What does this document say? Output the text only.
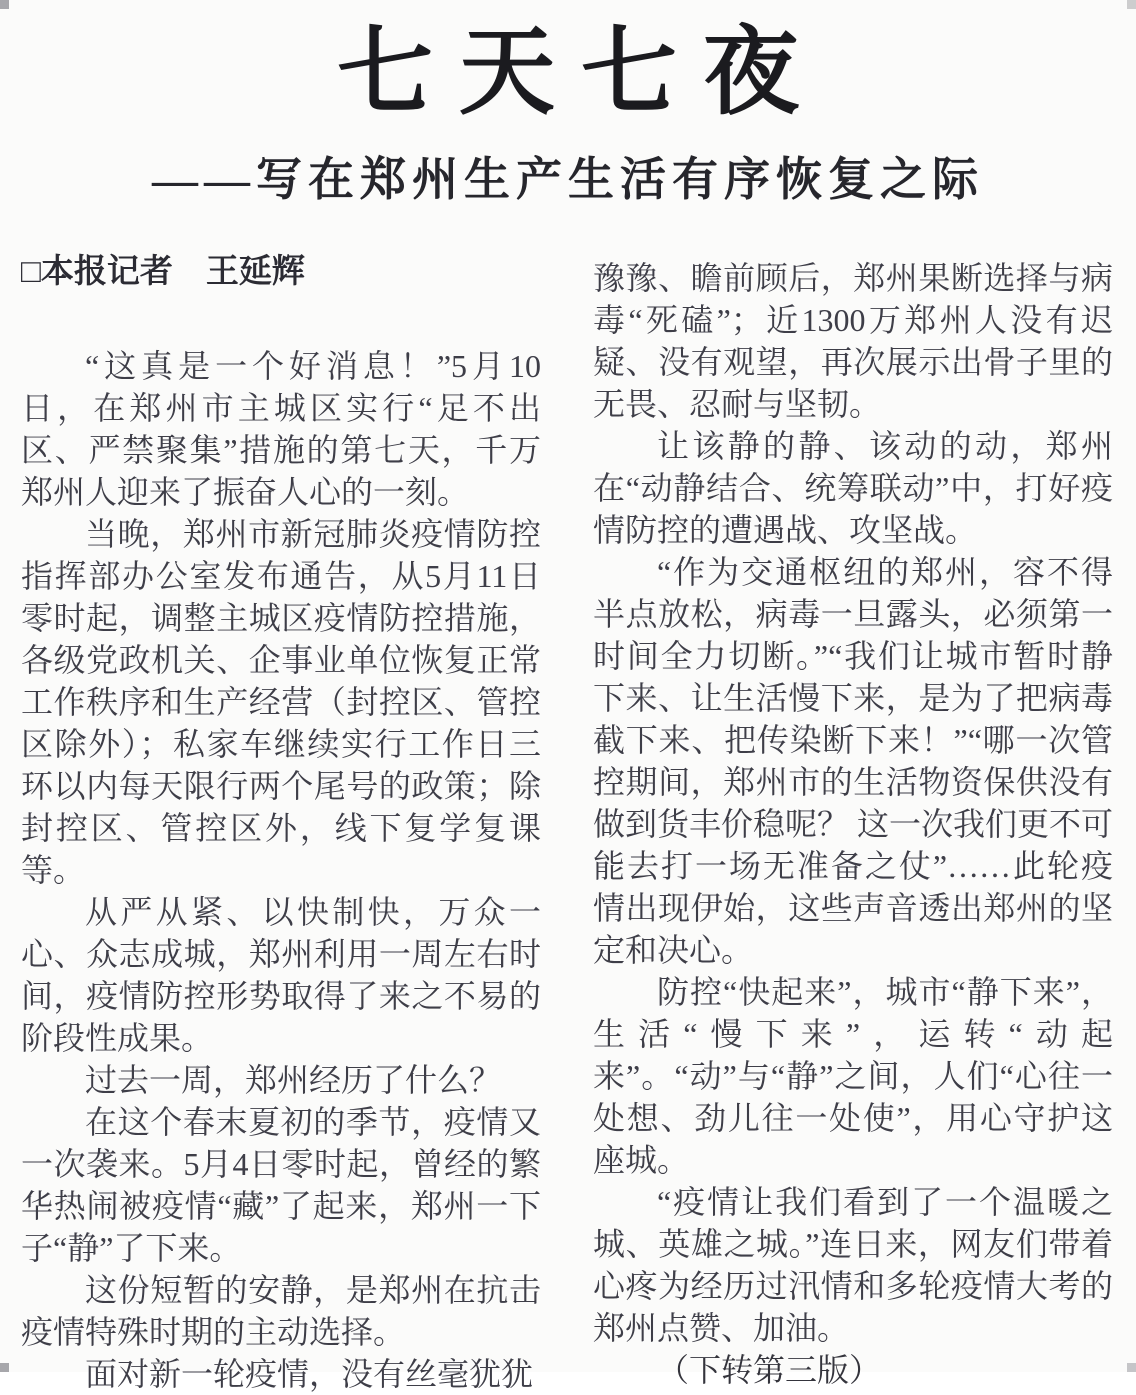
七天七夜
——写在郑州生产生活有序恢复之际
□本报记者　王延辉

“这真是一个好消息！”5月10日，在郑州市主城区实行“足不出区、严禁聚集”措施的第七天，千万郑州人迎来了振奋人心的一刻。

当晚，郑州市新冠肺炎疫情防控指挥部办公室发布通告，从5月11日零时起，调整主城区疫情防控措施，各级党政机关、企事业单位恢复正常工作秩序和生产经营（封控区、管控区除外）；私家车继续实行工作日三环以内每天限行两个尾号的政策；除封控区、管控区外，线下复学复课等。

从严从紧、以快制快，万众一心、众志成城，郑州利用一周左右时间，疫情防控形势取得了来之不易的阶段性成果。

过去一周，郑州经历了什么？

在这个春末夏初的季节，疫情又一次袭来。5月4日零时起，曾经的繁华热闹被疫情“藏”了起来，郑州一下子“静”了下来。

这份短暂的安静，是郑州在抗击疫情特殊时期的主动选择。

面对新一轮疫情，没有丝毫犹犹

豫豫、瞻前顾后，郑州果断选择与病毒“死磕”；近1300万郑州人没有迟疑、没有观望，再次展示出骨子里的无畏、忍耐与坚韧。

让该静的静、该动的动，郑州在“动静结合、统筹联动”中，打好疫情防控的遭遇战、攻坚战。

“作为交通枢纽的郑州，容不得半点放松，病毒一旦露头，必须第一时间全力切断。”“我们让城市暂时静下来、让生活慢下来，是为了把病毒截下来、把传染断下来！”“哪一次管控期间，郑州市的生活物资保供没有做到货丰价稳呢？ 这一次我们更不可能去打一场无准备之仗”……此轮疫情出现伊始，这些声音透出郑州的坚定和决心。

防控“快起来”，城市“静下来”，生活“慢下来”，运转“动起来”。“动”与“静”之间，人们“心往一处想、劲儿往一处使”，用心守护这座城。

“疫情让我们看到了一个温暖之城、英雄之城。”连日来，网友们带着心疼为经历过汛情和多轮疫情大考的郑州点赞、加油。

（下转第三版）
